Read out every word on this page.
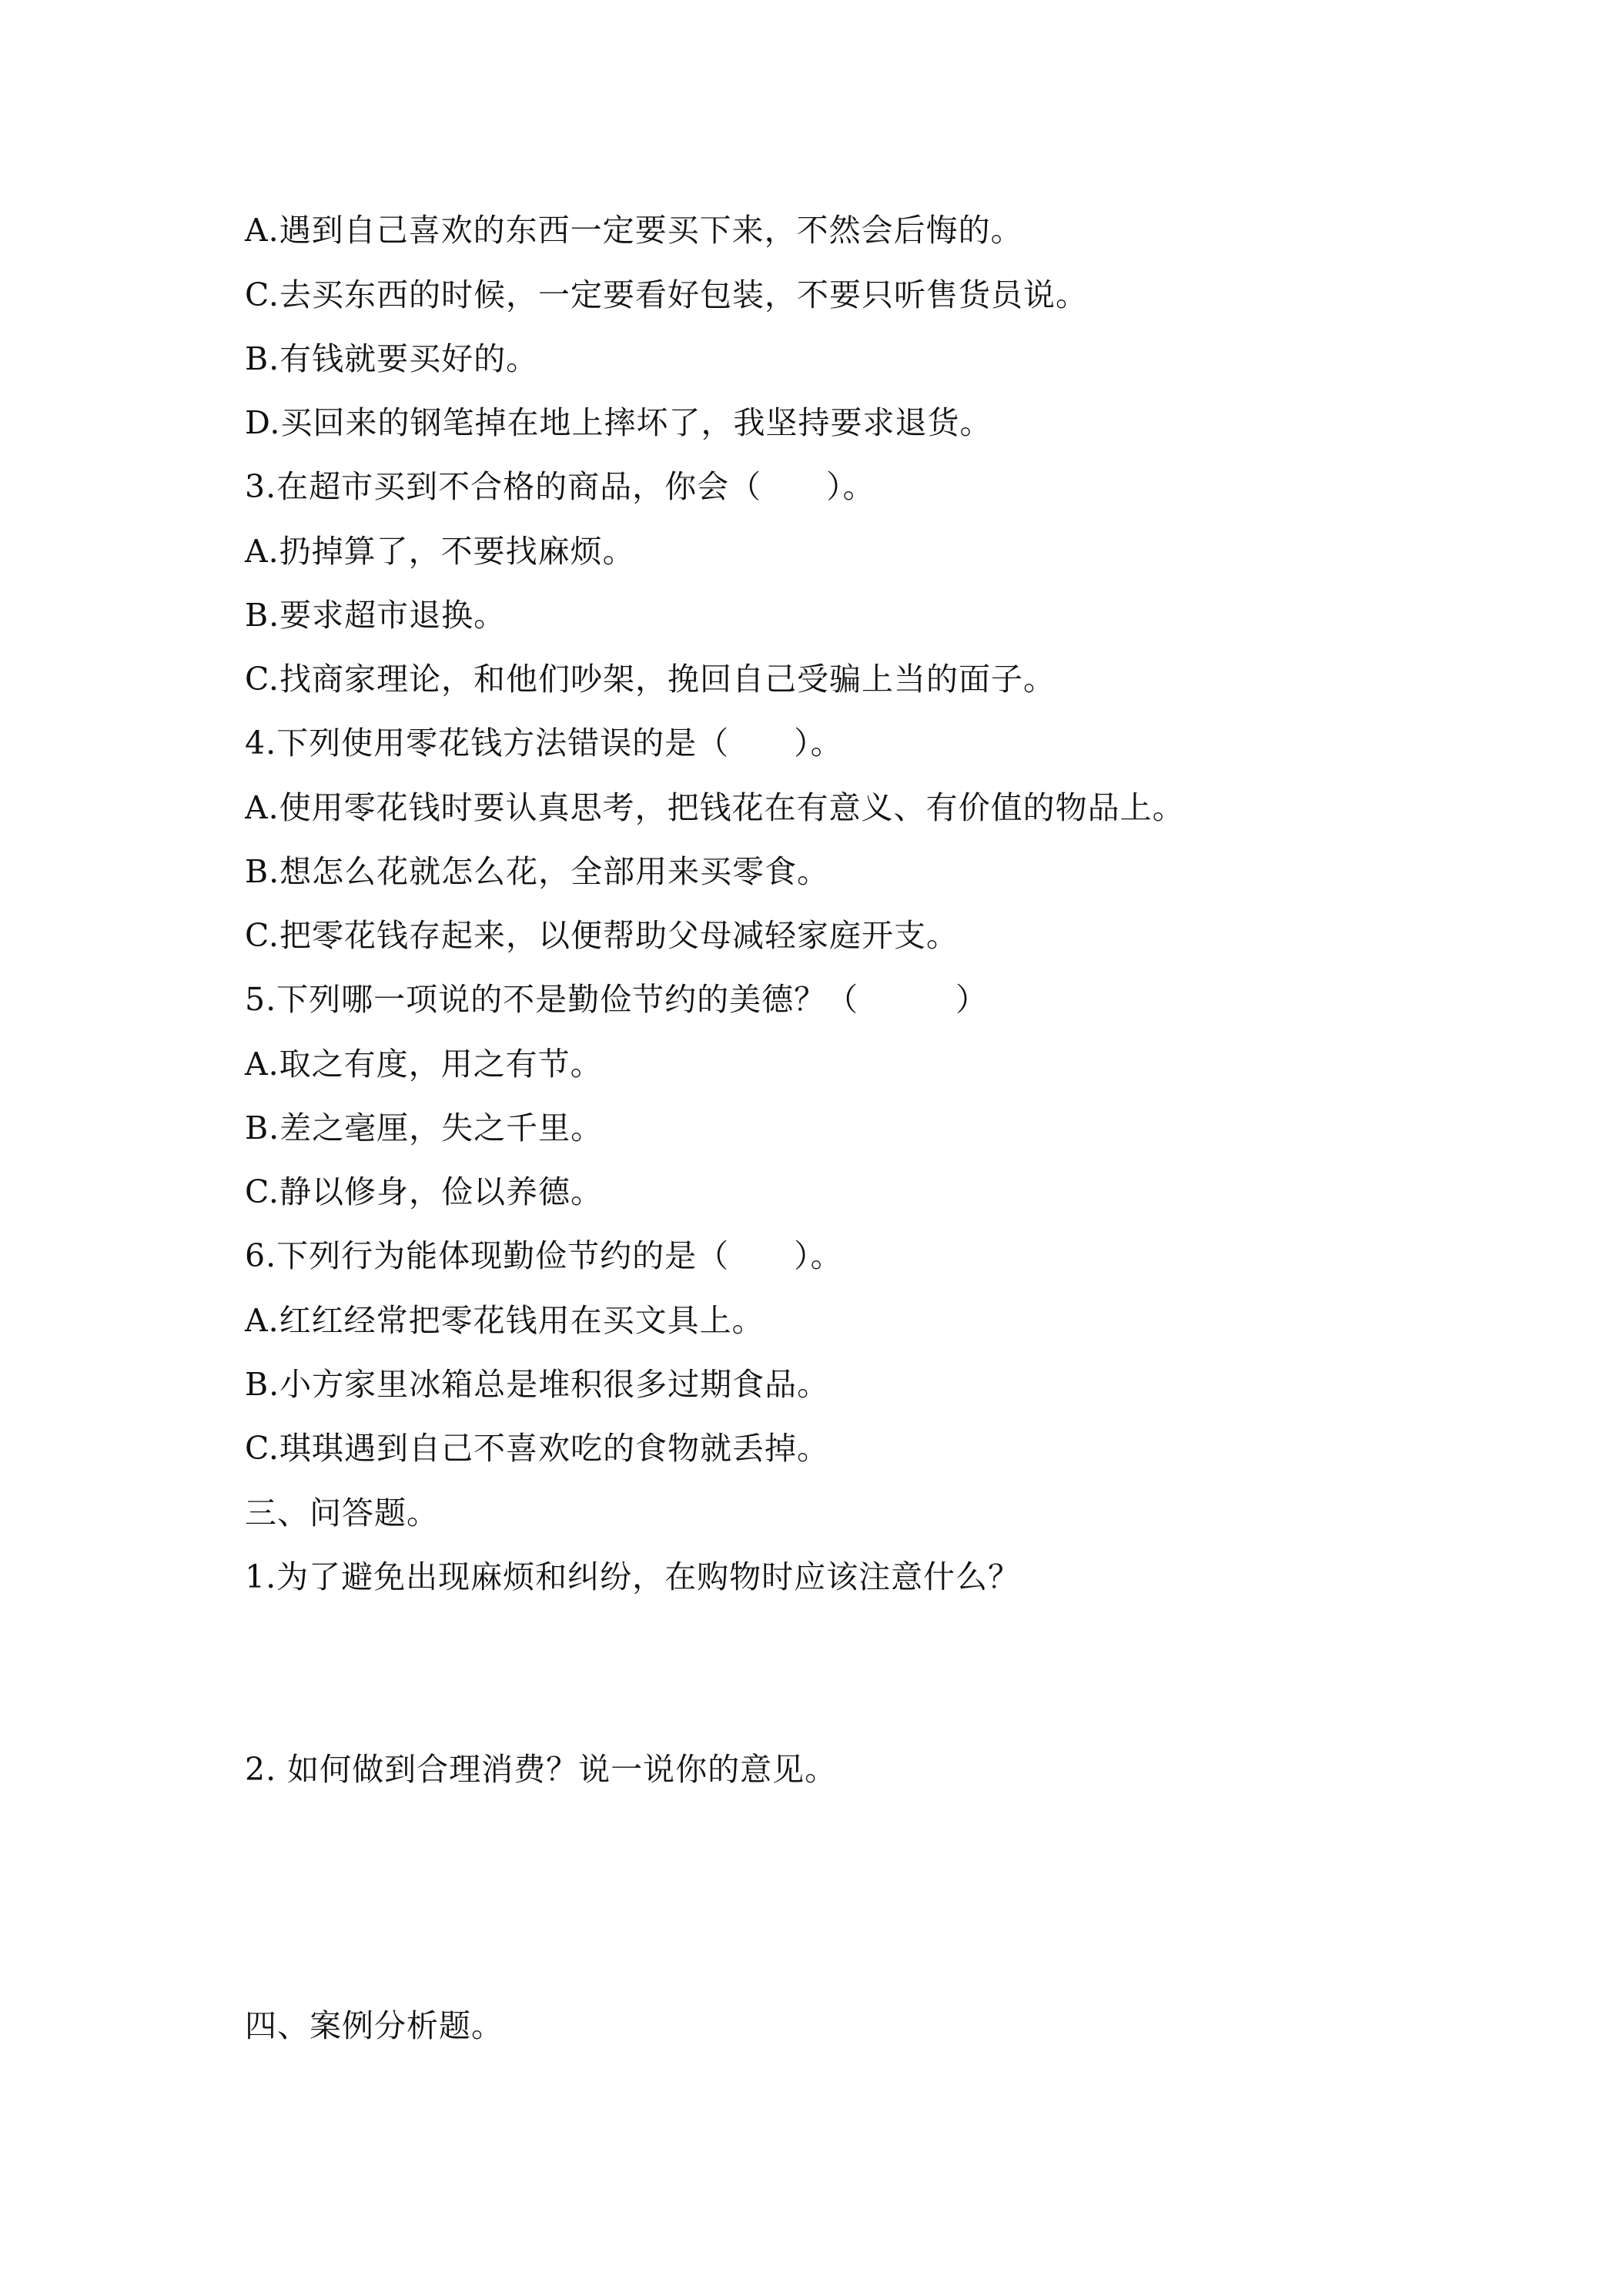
A.遇到自己喜欢的东西一定要买下来，不然会后悔的。
C.去买东西的时候，一定要看好包装，不要只听售货员说。
B.有钱就要买好的。
D.买回来的钢笔掉在地上摔坏了，我坚持要求退货。
3.在超市买到不合格的商品，你会（　　）。
A.扔掉算了，不要找麻烦。
B.要求超市退换。
C.找商家理论，和他们吵架，挽回自己受骗上当的面子。
4.下列使用零花钱方法错误的是（　　）。
A.使用零花钱时要认真思考，把钱花在有意义、有价值的物品上。
B.想怎么花就怎么花，全部用来买零食。
C.把零花钱存起来，以便帮助父母减轻家庭开支。
5.下列哪一项说的不是勤俭节约的美德？（　　　）
A.取之有度，用之有节。
B.差之毫厘，失之千里。
C.静以修身，俭以养德。
6.下列行为能体现勤俭节约的是（　　）。
A.红红经常把零花钱用在买文具上。
B.小方家里冰箱总是堆积很多过期食品。
C.琪琪遇到自己不喜欢吃的食物就丢掉。
三、问答题。
1.为了避免出现麻烦和纠纷，在购物时应该注意什么？
2. 如何做到合理消费？说一说你的意见。
四、案例分析题。
